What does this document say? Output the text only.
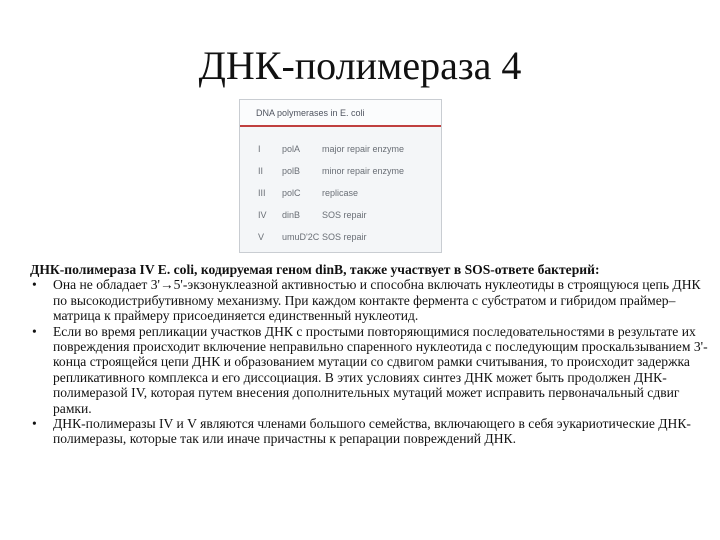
ДНК-полимераза 4
DNA polymerases in E. coli
I	polA major repair enzyme
II	polB minor repair enzyme
III	polC replicase
IV	dinB SOS repair
V	umuD'2C SOS repair

ДНК-полимераза IV E. coli, кодируемая геном dinB, также участвует в SOS-ответе бактерий:

• Она не обладает 3'→5'-экзонуклеазной активностью и способна включать нуклеотиды в строящуюся цепь ДНК по высокодистрибутивному механизму. При каждом контакте фермента с субстратом и гибридом праймер–матрица к праймеру присоединяется единственный нуклеотид.

• Если во время репликации участков ДНК с простыми повторяющимися последовательностями в результате их повреждения происходит включение неправильно спаренного нуклеотида с последующим проскальзыванием 3'-конца строящейся цепи ДНК и образованием мутации со сдвигом рамки считывания, то происходит задержка репликативного комплекса и его диссоциация. В этих условиях синтез ДНК может быть продолжен ДНК-полимеразой IV, которая путем внесения дополнительных мутаций может исправить первоначальный сдвиг рамки.

• ДНК-полимеразы IV и V являются членами большого семейства, включающего в себя эукариотические ДНК-полимеразы, которые так или иначе причастны к репарации повреждений ДНК.
